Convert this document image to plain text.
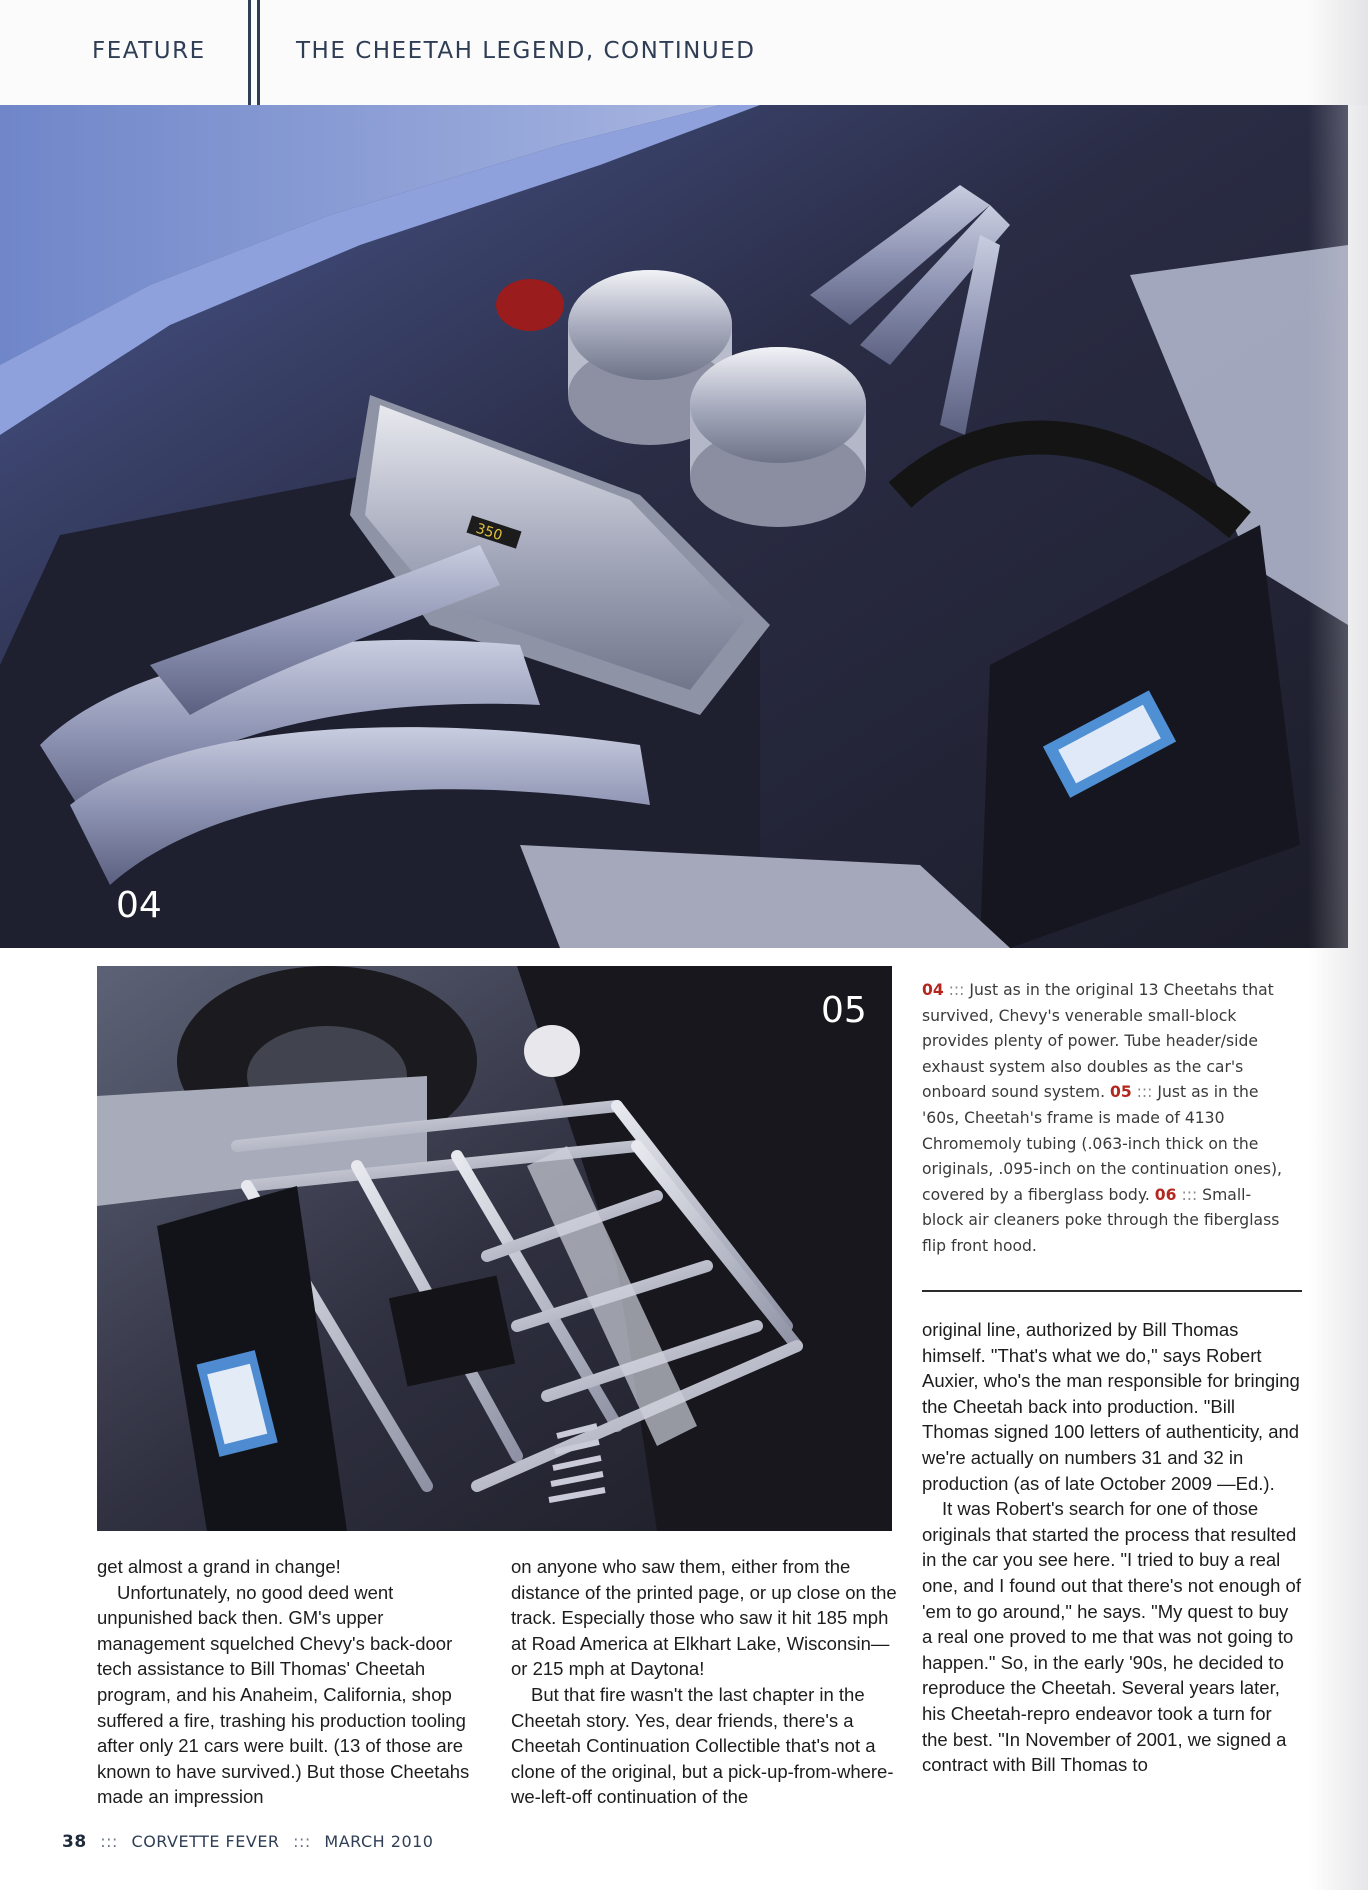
FEATURE	THE CHEETAH LEGEND, CONTINUED
350
04
05	04 ::: Just as in the original 13 Cheetahs that survived, Chevy's venerable small-block provides plenty of power. Tube header/side exhaust system also doubles as the car's onboard sound system. 05 ::: Just as in the '60s, Cheetah's frame is made of 4130 Chromemoly tubing (.063-inch thick on the originals, .095-inch on the continuation ones), covered by a fiberglass body. 06 ::: Small-block air cleaners poke through the fiberglass flip front hood.

get almost a grand in change!

Unfortunately, no good deed went unpunished back then. GM's upper management squelched Chevy's back-door tech assistance to Bill Thomas' Cheetah program, and his Anaheim, California, shop suffered a fire, trashing his production tooling after only 21 cars were built. (13 of those are known to have survived.) But those Cheetahs made an impression

on anyone who saw them, either from the distance of the printed page, or up close on the track. Especially those who saw it hit 185 mph at Road America at Elkhart Lake, Wisconsin—or 215 mph at Daytona!

But that fire wasn't the last chapter in the Cheetah story. Yes, dear friends, there's a Cheetah Continuation Collectible that's not a clone of the original, but a pick-up-from-where-we-left-off continuation of the

original line, authorized by Bill Thomas himself. "That's what we do," says Robert Auxier, who's the man responsible for bringing the Cheetah back into production. "Bill Thomas signed 100 letters of authenticity, and we're actually on numbers 31 and 32 in production (as of late October 2009 —Ed.).

It was Robert's search for one of those originals that started the process that resulted in the car you see here. "I tried to buy a real one, and I found out that there's not enough of 'em to go around," he says. "My quest to buy a real one proved to me that was not going to happen." So, in the early '90s, he decided to reproduce the Cheetah. Several years later, his Cheetah-repro endeavor took a turn for the best. "In November of 2001, we signed a contract with Bill Thomas to

38 ::: CORVETTE FEVER ::: MARCH 2010
